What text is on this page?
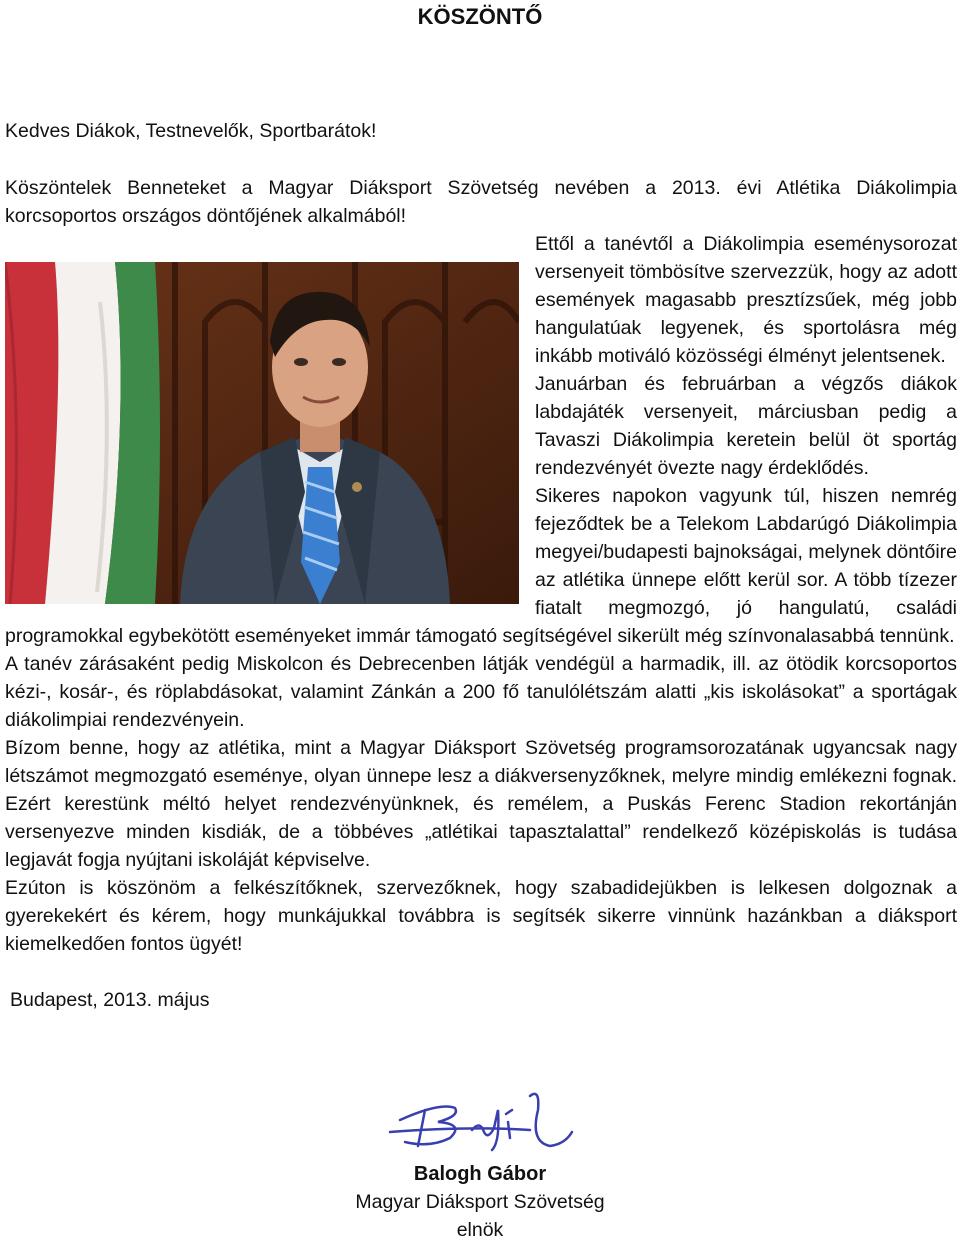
KÖSZÖNTŐ

Kedves Diákok, Testnevelők, Sportbarátok!

Köszöntelek Benneteket a Magyar Diáksport Szövetség nevében a 2013. évi Atlétika Diákolimpia korcsoportos országos döntőjének alkalmából!

Ettől a tanévtől a Diákolimpia eseménysorozat versenyeit tömbösítve szervezzük, hogy az adott események magasabb presztízsűek, még jobb hangulatúak legyenek, és sportolásra még inkább motiváló közösségi élményt jelentsenek.
Januárban és februárban a végzős diákok labdajáték versenyeit, márciusban pedig a Tavaszi Diákolimpia keretein belül öt sportág rendezvényét övezte nagy érdeklődés.
Sikeres napokon vagyunk túl, hiszen nemrég fejeződtek be a Telekom Labdarúgó Diákolimpia megyei/budapesti bajnokságai, melynek döntőire az atlétika ünnepe előtt kerül sor. A több tízezer fiatalt megmozgó, jó hangulatú, családi programokkal egybekötött eseményeket immár támogató segítségével sikerült még színvonalasabbá tennünk.
A tanév zárásaként pedig Miskolcon és Debrecenben látják vendégül a harmadik, ill. az ötödik korcsoportos kézi-, kosár-, és röplabdásokat, valamint Zánkán a 200 fő tanulólétszám alatti „kis iskolásokat” a sportágak diákolimpiai rendezvényein.
Bízom benne, hogy az atlétika, mint a Magyar Diáksport Szövetség programsorozatának ugyancsak nagy létszámot megmozgató eseménye, olyan ünnepe lesz a diákversenyzőknek, melyre mindig emlékezni fognak. Ezért kerestünk méltó helyet rendezvényünknek, és remélem, a Puskás Ferenc Stadion rekortánján versenyezve minden kisdiák, de a többéves „atlétikai tapasztalattal” rendelkező középiskolás is tudása legjavát fogja nyújtani iskoláját képviselve.
Ezúton is köszönöm a felkészítőknek, szervezőknek, hogy szabadidejükben is lelkesen dolgoznak a gyerekekért és kérem, hogy munkájukkal továbbra is segítsék sikerre vinnünk hazánkban a diáksport kiemelkedően fontos ügyét!

Budapest, 2013. május

Balogh Gábor
Magyar Diáksport Szövetség
elnök
